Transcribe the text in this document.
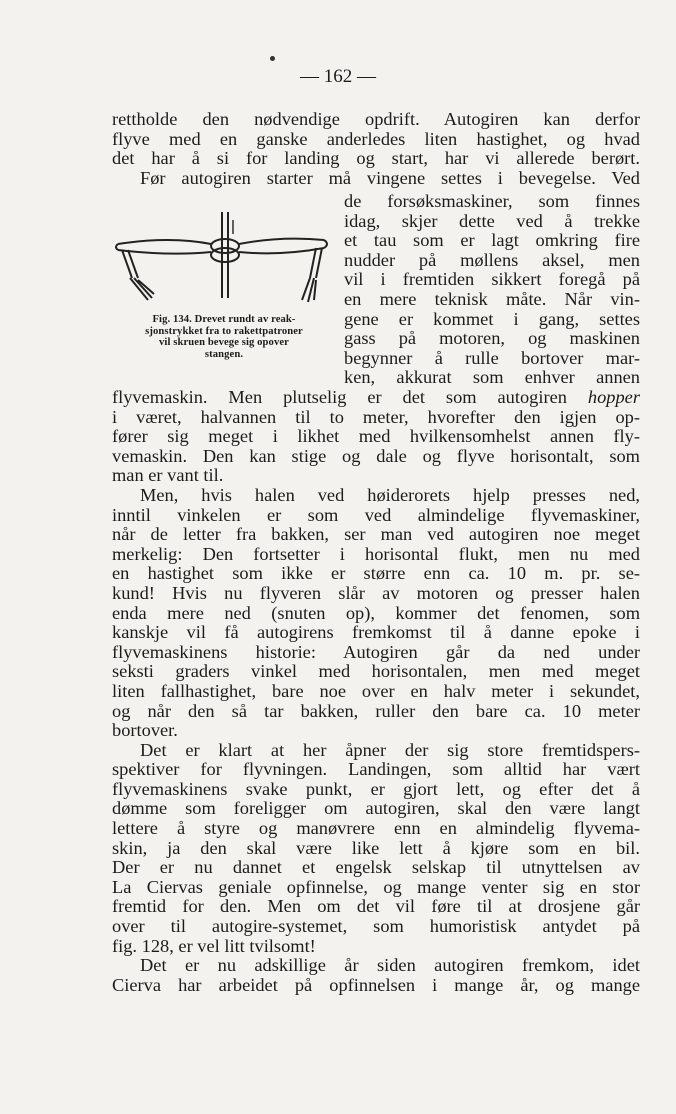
— 162 —
rettholde den nødvendige opdrift. Autogiren kan derfor
flyve med en ganske anderledes liten hastighet, og hvad
det har å si for landing og start, har vi allerede berørt.
Før autogiren starter må vingene settes i bevegelse. Ved
Fig. 134. Drevet rundt av reak-
sjonstrykket fra to rakettpatroner
vil skruen bevege sig opover
stangen.
de forsøksmaskiner, som finnes
idag, skjer dette ved å trekke
et tau som er lagt omkring fire
nudder på møllens aksel, men
vil i fremtiden sikkert foregå på
en mere teknisk måte. Når vin-
gene er kommet i gang, settes
gass på motoren, og maskinen
begynner å rulle bortover mar-
ken, akkurat som enhver annen
flyvemaskin. Men plutselig er det som autogiren hopper
i været, halvannen til to meter, hvorefter den igjen op-
fører sig meget i likhet med hvilkensomhelst annen fly-
vemaskin. Den kan stige og dale og flyve horisontalt, som
man er vant til.
Men, hvis halen ved høiderorets hjelp presses ned,
inntil vinkelen er som ved almindelige flyvemaskiner,
når de letter fra bakken, ser man ved autogiren noe meget
merkelig: Den fortsetter i horisontal flukt, men nu med
en hastighet som ikke er større enn ca. 10 m. pr. se-
kund! Hvis nu flyveren slår av motoren og presser halen
enda mere ned (snuten op), kommer det fenomen, som
kanskje vil få autogirens fremkomst til å danne epoke i
flyvemaskinens historie: Autogiren går da ned under
seksti graders vinkel med horisontalen, men med meget
liten fallhastighet, bare noe over en halv meter i sekundet,
og når den så tar bakken, ruller den bare ca. 10 meter
bortover.
Det er klart at her åpner der sig store fremtidspers-
spektiver for flyvningen. Landingen, som alltid har vært
flyvemaskinens svake punkt, er gjort lett, og efter det å
dømme som foreligger om autogiren, skal den være langt
lettere å styre og manøvrere enn en almindelig flyvema-
skin, ja den skal være like lett å kjøre som en bil.
Der er nu dannet et engelsk selskap til utnyttelsen av
La Ciervas geniale opfinnelse, og mange venter sig en stor
fremtid for den. Men om det vil føre til at drosjene går
over til autogire-systemet, som humoristisk antydet på
fig. 128, er vel litt tvilsomt!
Det er nu adskillige år siden autogiren fremkom, idet
Cierva har arbeidet på opfinnelsen i mange år, og mange
